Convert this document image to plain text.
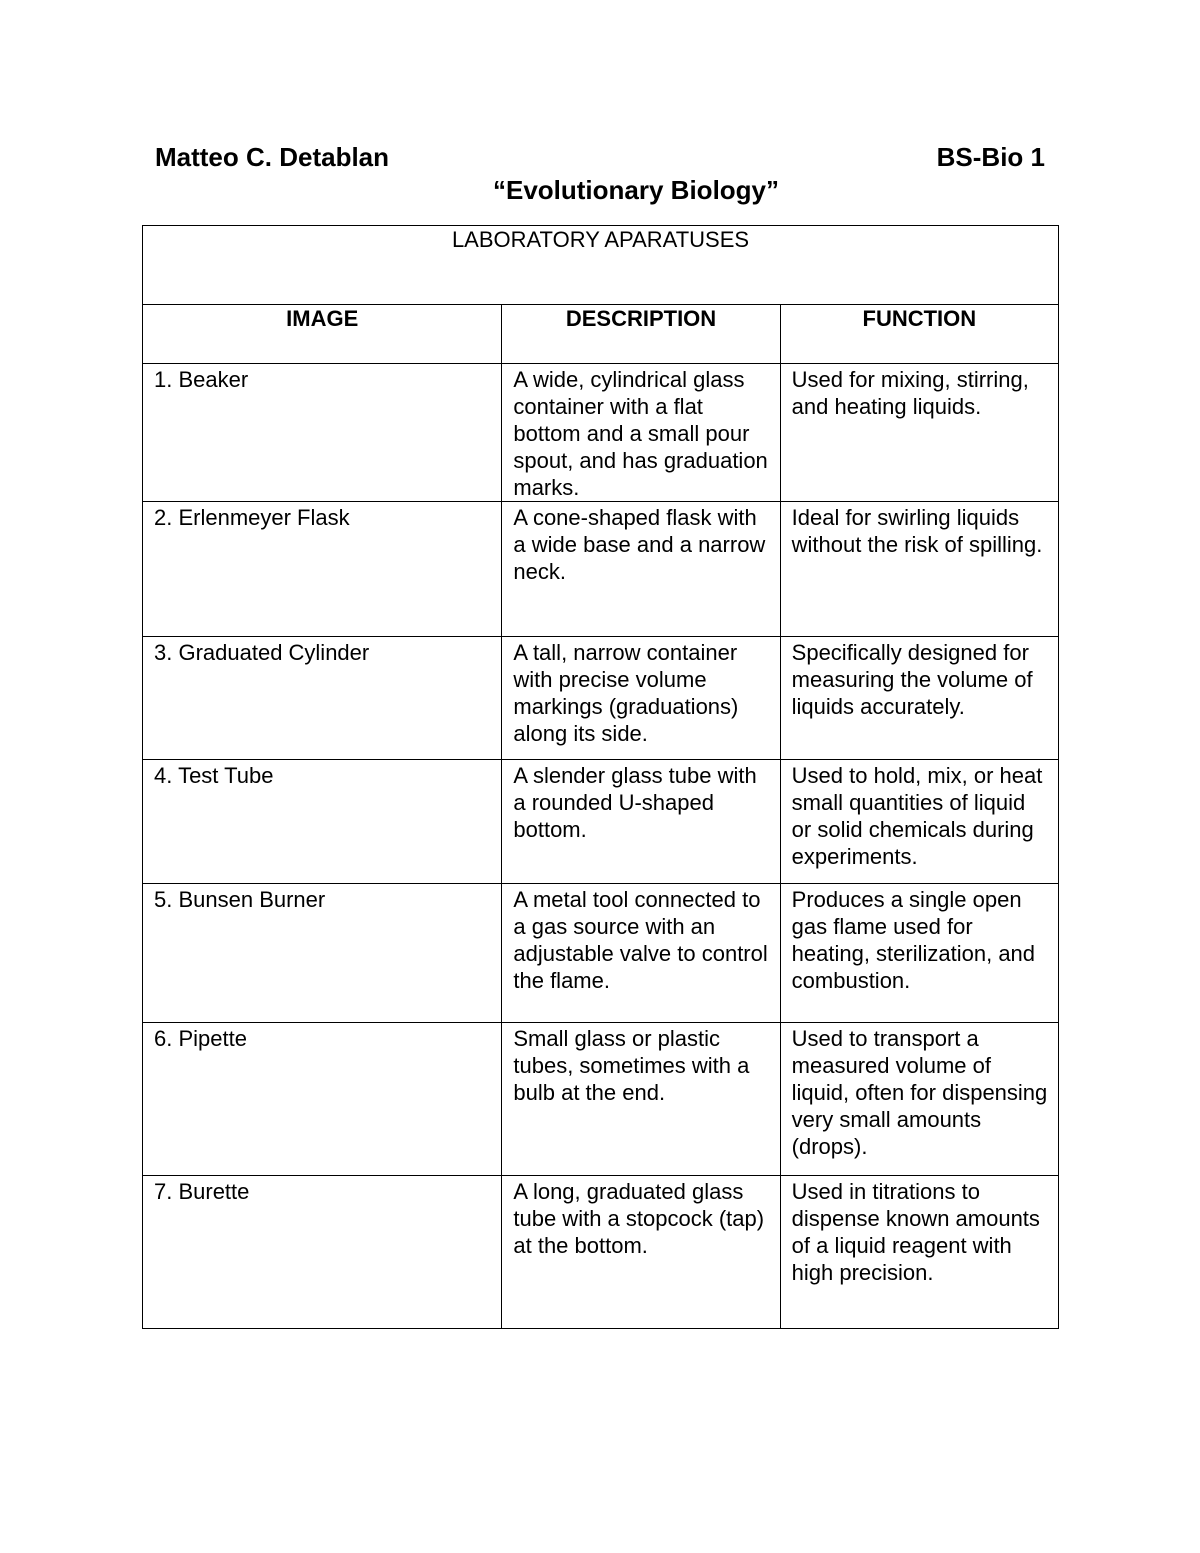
Matteo C. Detablan	BS-Bio 1
“Evolutionary Biology”
LABORATORY APARATUSES		
IMAGE	DESCRIPTION	FUNCTION

1. Beaker	A wide, cylindrical glass container with a flat bottom and a small pour spout, and has graduation marks.	Used for mixing, stirring, and heating liquids.

2. Erlenmeyer Flask	A cone-shaped flask with a wide base and a narrow neck.	Ideal for swirling liquids without the risk of spilling.

3. Graduated Cylinder	A tall, narrow container with precise volume markings (graduations) along its side.	Specifically designed for measuring the volume of liquids accurately.

4. Test Tube	A slender glass tube with a rounded U-shaped bottom.	Used to hold, mix, or heat small quantities of liquid or solid chemicals during experiments.

5. Bunsen Burner	A metal tool connected to a gas source with an adjustable valve to control the flame.	Produces a single open gas flame used for heating, sterilization, and combustion.

6. Pipette	Small glass or plastic tubes, sometimes with a bulb at the end.	Used to transport a measured volume of liquid, often for dispensing very small amounts (drops).

7. Burette	A long, graduated glass tube with a stopcock (tap) at the bottom.	Used in titrations to dispense known amounts of a liquid reagent with high precision.
